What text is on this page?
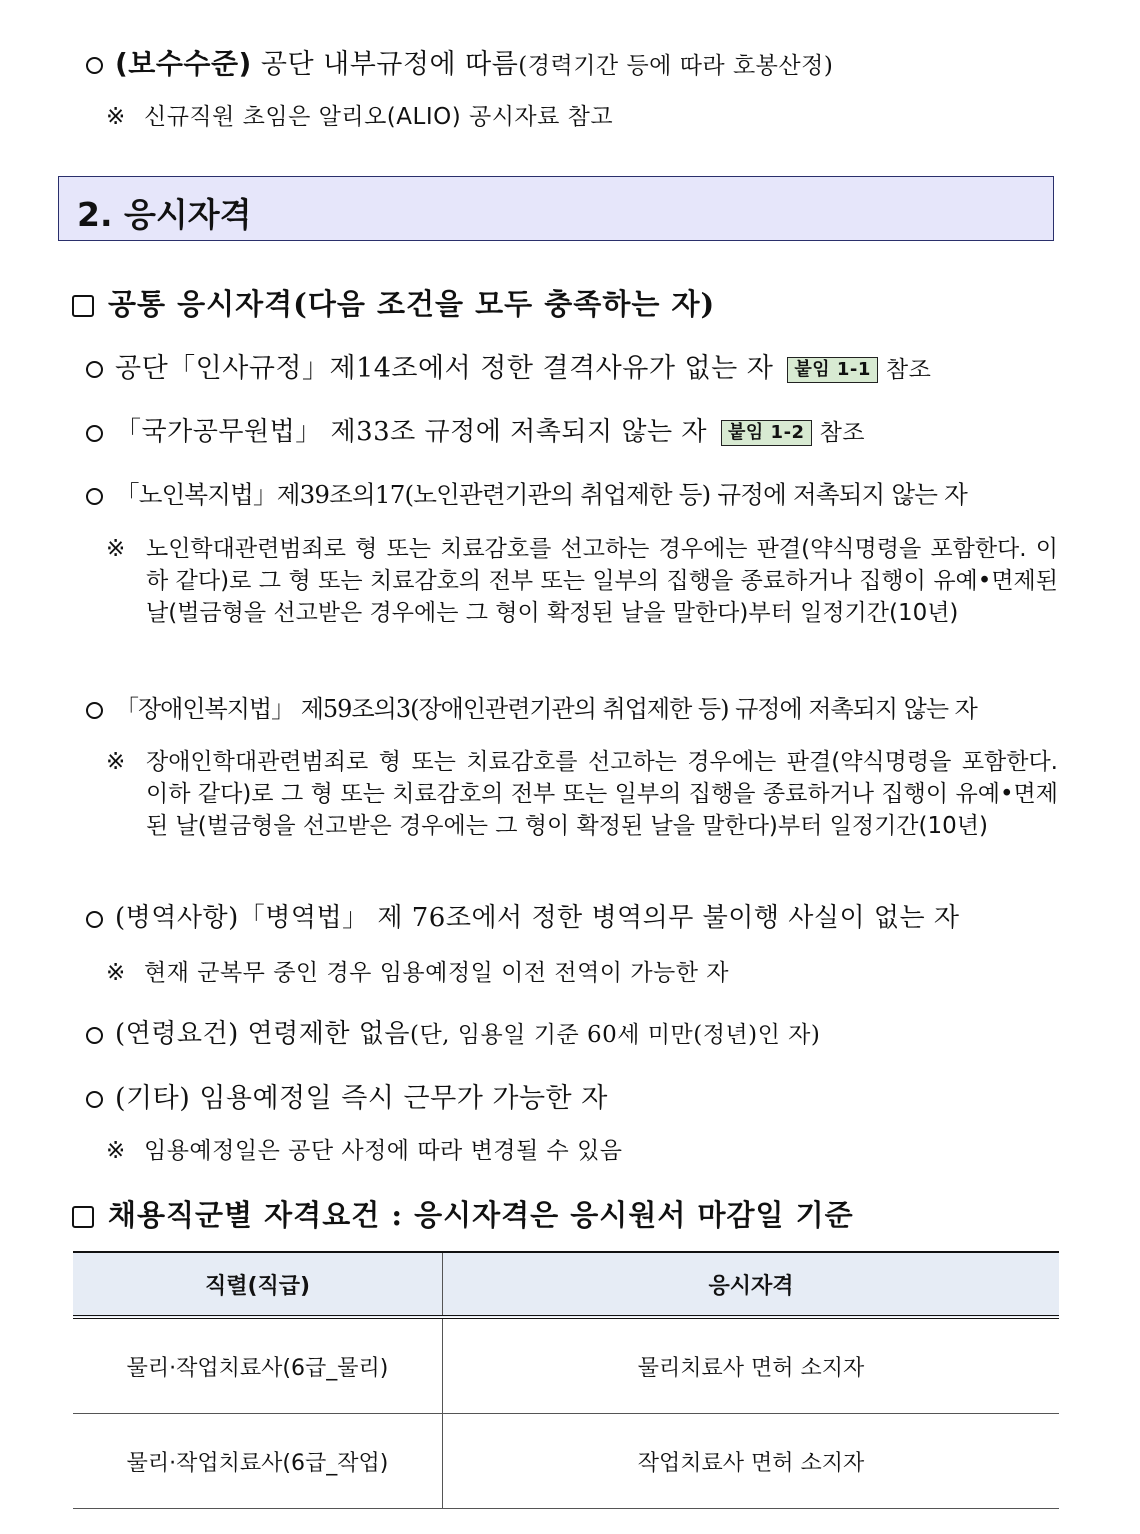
(보수수준) 공단 내부규정에 따름(경력기간 등에 따라 호봉산정)
※ 신규직원 초임은 알리오(ALIO) 공시자료 참고
2. 응시자격
공통 응시자격(다음 조건을 모두 충족하는 자)
공단「인사규정」제14조에서 정한 결격사유가 없는 자 붙임 1-1 참조
「국가공무원법」 제33조 규정에 저촉되지 않는 자 붙임 1-2 참조
「노인복지법」제39조의17(노인관련기관의 취업제한 등) 규정에 저촉되지 않는 자
※ 노인학대관련범죄로 형 또는 치료감호를 선고하는 경우에는 판결(약식명령을 포함한다. 이하 같다)로 그 형 또는 치료감호의 전부 또는 일부의 집행을 종료하거나 집행이 유예•면제된 날(벌금형을 선고받은 경우에는 그 형이 확정된 날을 말한다)부터 일정기간(10년)
「장애인복지법」 제59조의3(장애인관련기관의 취업제한 등) 규정에 저촉되지 않는 자
※ 장애인학대관련범죄로 형 또는 치료감호를 선고하는 경우에는 판결(약식명령을 포함한다. 이하 같다)로 그 형 또는 치료감호의 전부 또는 일부의 집행을 종료하거나 집행이 유예•면제된 날(벌금형을 선고받은 경우에는 그 형이 확정된 날을 말한다)부터 일정기간(10년)
(병역사항)「병역법」 제 76조에서 정한 병역의무 불이행 사실이 없는 자
※ 현재 군복무 중인 경우 임용예정일 이전 전역이 가능한 자
(연령요건) 연령제한 없음(단, 임용일 기준 60세 미만(정년)인 자)
(기타) 임용예정일 즉시 근무가 가능한 자
※ 임용예정일은 공단 사정에 따라 변경될 수 있음
채용직군별 자격요건 : 응시자격은 응시원서 마감일 기준
직렬(직급)	응시자격
물리·작업치료사(6급_물리)	물리치료사 면허 소지자
물리·작업치료사(6급_작업)	작업치료사 면허 소지자
